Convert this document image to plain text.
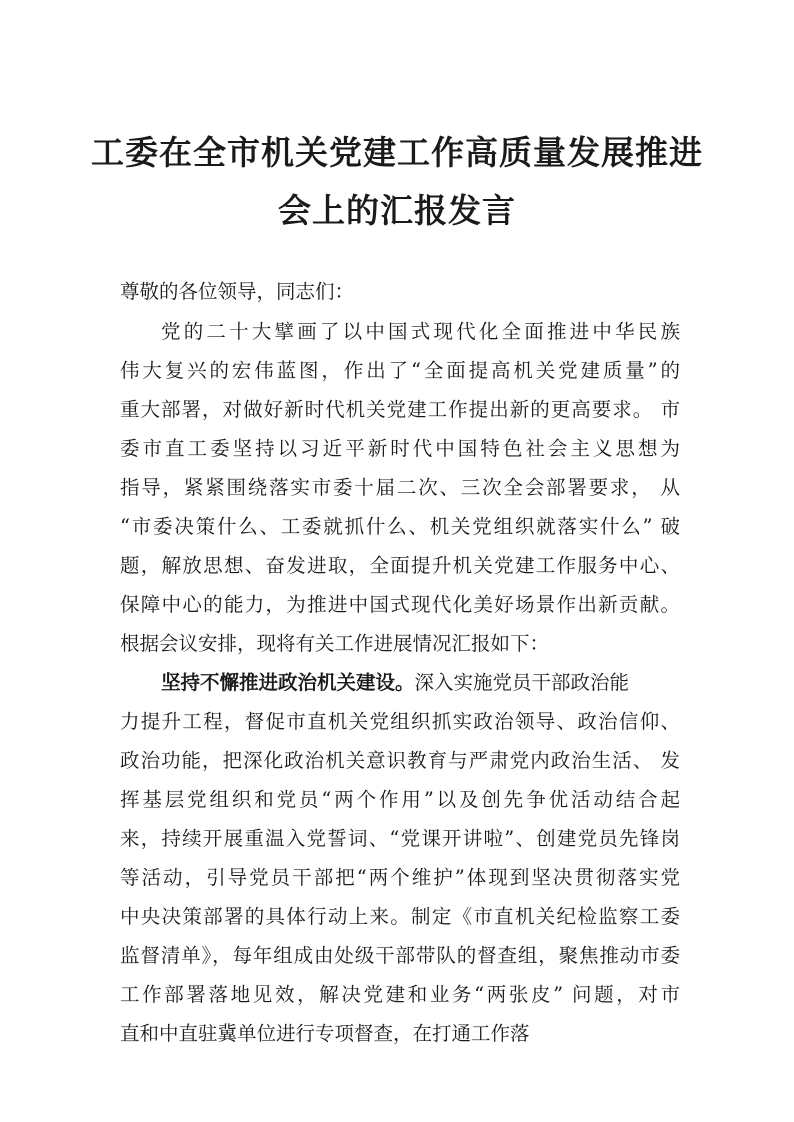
工委在全市机关党建工作高质量发展推进
会上的汇报发言
尊敬的各位领导，同志们：
党的二十大擘画了以中国式现代化全面推进中华民族
伟大复兴的宏伟蓝图，作出了“全面提高机关党建质量”的
重大部署，对做好新时代机关党建工作提出新的更高要求。 市
委市直工委坚持以习近平新时代中国特色社会主义思想为
指导，紧紧围绕落实市委十届二次、三次全会部署要求， 从
“市委决策什么、工委就抓什么、机关党组织就落实什么” 破
题，解放思想、奋发进取，全面提升机关党建工作服务中心、
保障中心的能力，为推进中国式现代化美好场景作出新贡献。
根据会议安排，现将有关工作进展情况汇报如下：
坚持不懈推进政治机关建设。深入实施党员干部政治能
力提升工程，督促市直机关党组织抓实政治领导、政治信仰、
政治功能，把深化政治机关意识教育与严肃党内政治生活、 发
挥基层党组织和党员“两个作用”以及创先争优活动结合起
来，持续开展重温入党誓词、“党课开讲啦”、创建党员先锋岗
等活动，引导党员干部把“两个维护”体现到坚决贯彻落实党
中央决策部署的具体行动上来。制定《市直机关纪检监察工委
监督清单》，每年组成由处级干部带队的督查组，聚焦推动市委
工作部署落地见效，解决党建和业务“两张皮” 问题，对市
直和中直驻冀单位进行专项督查，在打通工作落
